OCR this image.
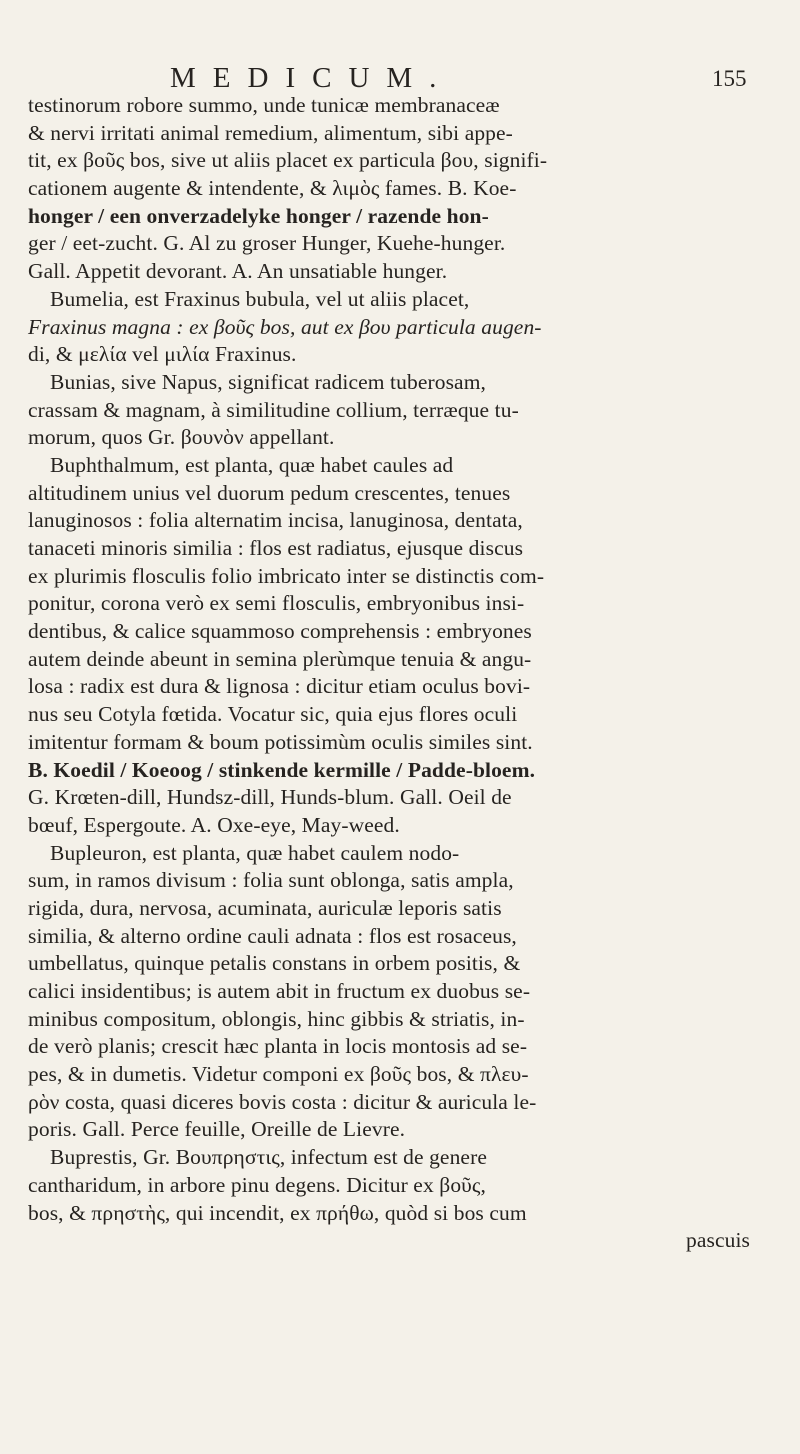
MEDICUM.	155
testinorum robore summo, unde tunicæ membranaceæ
& nervi irritati animal remedium, alimentum, sibi appe-
tit, ex βοῦς bos, sive ut aliis placet ex particula βου, signifi-
cationem augente & intendente, & λιμὸς fames. B. Koe-
honger / een onverzadelyke honger / razende hon-
ger / eet-zucht. G. Al zu groser Hunger, Kuehe-hunger.
Gall. Appetit devorant. A. An unsatiable hunger.
Bumelia, est Fraxinus bubula, vel ut aliis placet,
Fraxinus magna : ex βοῦς bos, aut ex βου particula augen-
di, & μελία vel μιλία Fraxinus.
Bunias, sive Napus, significat radicem tuberosam,
crassam & magnam, à similitudine collium, terræque tu-
morum, quos Gr. βουνὸν appellant.
Buphthalmum, est planta, quæ habet caules ad
altitudinem unius vel duorum pedum crescentes, tenues
lanuginosos : folia alternatim incisa, lanuginosa, dentata,
tanaceti minoris similia : flos est radiatus, ejusque discus
ex plurimis flosculis folio imbricato inter se distinctis com-
ponitur, corona verò ex semi flosculis, embryonibus insi-
dentibus, & calice squammoso comprehensis : embryones
autem deinde abeunt in semina plerùmque tenuia & angu-
losa : radix est dura & lignosa : dicitur etiam oculus bovi-
nus seu Cotyla fœtida. Vocatur sic, quia ejus flores oculi
imitentur formam & boum potissimùm oculis similes sint.
B. Koedil / Koeoog / stinkende kermille / Padde-bloem.
G. Krœten-dill, Hundsz-dill, Hunds-blum. Gall. Oeil de
bœuf, Espergoute. A. Oxe-eye, May-weed.
Bupleuron, est planta, quæ habet caulem nodo-
sum, in ramos divisum : folia sunt oblonga, satis ampla,
rigida, dura, nervosa, acuminata, auriculæ leporis satis
similia, & alterno ordine cauli adnata : flos est rosaceus,
umbellatus, quinque petalis constans in orbem positis, &
calici insidentibus; is autem abit in fructum ex duobus se-
minibus compositum, oblongis, hinc gibbis & striatis, in-
de verò planis; crescit hæc planta in locis montosis ad se-
pes, & in dumetis. Videtur componi ex βοῦς bos, & πλευ-
ρὸν costa, quasi diceres bovis costa : dicitur & auricula le-
poris. Gall. Perce feuille, Oreille de Lievre.
Buprestis, Gr. Βουπρηστις, infectum est de genere
cantharidum, in arbore pinu degens. Dicitur ex βοῦς,
bos, & πρηστὴς, qui incendit, ex πρήθω, quòd si bos cum
pascuis
